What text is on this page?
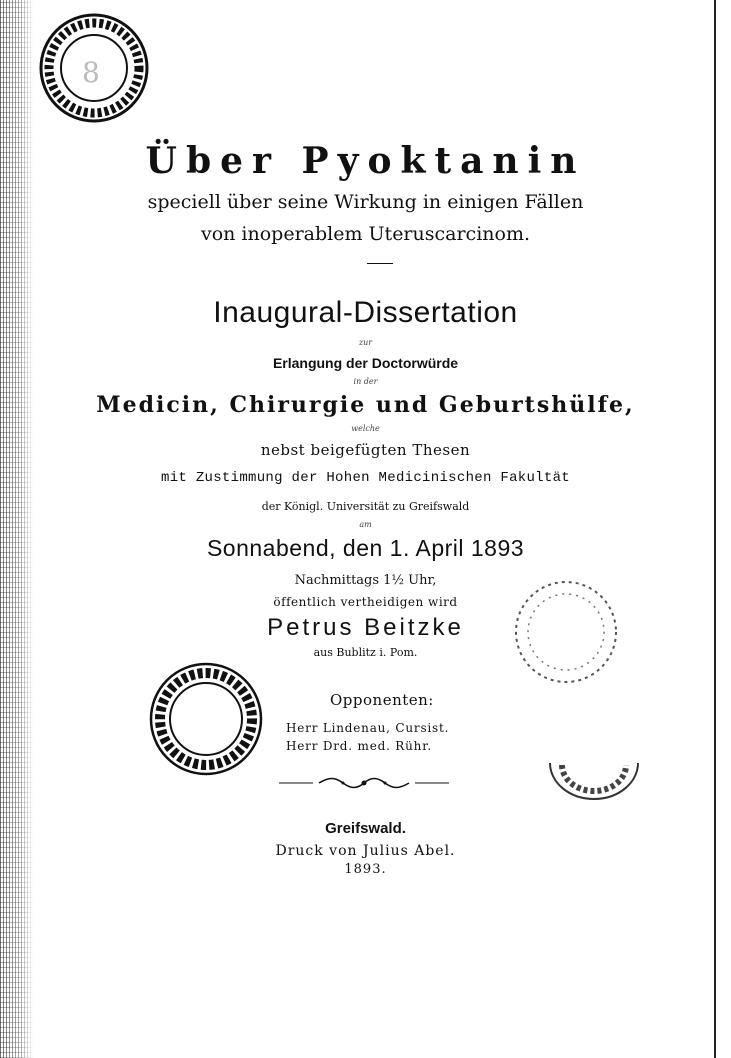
8
Über Pyoktanin
speciell über seine Wirkung in einigen Fällen
von inoperablem Uteruscarcinom.
Inaugural-Dissertation
zur
Erlangung der Doctorwürde
in der
Medicin, Chirurgie und Geburtshülfe,
welche
nebst beigefügten Thesen
mit Zustimmung der Hohen Medicinischen Fakultät
der Königl. Universität zu Greifswald
am
Sonnabend, den 1. April 1893
Nachmittags 1½ Uhr,
öffentlich vertheidigen wird
Petrus Beitzke
aus Bublitz i. Pom.
Opponenten:
Herr Lindenau, Cursist.
Herr Drd. med. Rühr.
Greifswald.
Druck von Julius Abel.
1893.
